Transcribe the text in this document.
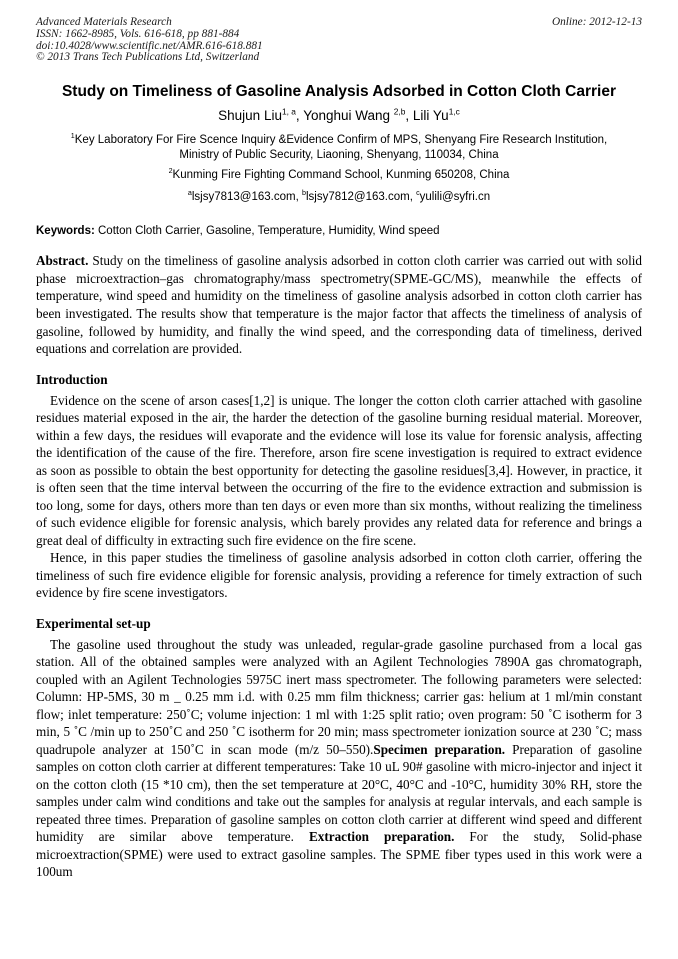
Advanced Materials Research	Online: 2012-12-13
ISSN: 1662-8985, Vols. 616-618, pp 881-884
doi:10.4028/www.scientific.net/AMR.616-618.881
© 2013 Trans Tech Publications Ltd, Switzerland
Study on Timeliness of Gasoline Analysis Adsorbed in Cotton Cloth Carrier
Shujun Liu$^{1, a}$, Yonghui Wang $^{2,b}$, Lili Yu$^{1,c}$
$^1$Key Laboratory For Fire Scence Inquiry &Evidence Confirm of MPS, Shenyang Fire Research Institution, Ministry of Public Security, Liaoning, Shenyang, 110034, China
$^2$Kunming Fire Fighting Command School, Kunming 650208, China
$^a$lsjsy7813@163.com, $^b$lsjsy7812@163.com, $^c$yulili@syfri.cn

Keywords: Cotton Cloth Carrier, Gasoline, Temperature, Humidity, Wind speed

Abstract. Study on the timeliness of gasoline analysis adsorbed in cotton cloth carrier was carried out with solid phase microextraction–gas chromatography/mass spectrometry(SPME-GC/MS), meanwhile the effects of temperature, wind speed and humidity on the timeliness of gasoline analysis adsorbed in cotton cloth carrier has been investigated. The results show that temperature is the major factor that affects the timeliness of analysis of gasoline, followed by humidity, and finally the wind speed, and the corresponding data of timeliness, derived equations and correlation are provided.

Introduction

Evidence on the scene of arson cases[1,2] is unique. The longer the cotton cloth carrier attached with gasoline residues material exposed in the air, the harder the detection of the gasoline burning residual material. Moreover, within a few days, the residues will evaporate and the evidence will lose its value for forensic analysis, affecting the identification of the cause of the fire. Therefore, arson fire scene investigation is required to extract evidence as soon as possible to obtain the best opportunity for detecting the gasoline residues[3,4]. However, in practice, it is often seen that the time interval between the occurring of the fire to the evidence extraction and submission is too long, some for days, others more than ten days or even more than six months, without realizing the timeliness of such evidence eligible for forensic analysis, which barely provides any related data for reference and brings a great deal of difficulty in extracting such fire evidence on the fire scene.

Hence, in this paper studies the timeliness of gasoline analysis adsorbed in cotton cloth carrier, offering the timeliness of such fire evidence eligible for forensic analysis, providing a reference for timely extraction of such evidence by fire scene investigators.

Experimental set-up

The gasoline used throughout the study was unleaded, regular-grade gasoline purchased from a local gas station. All of the obtained samples were analyzed with an Agilent Technologies 7890A gas chromatograph, coupled with an Agilent Technologies 5975C inert mass spectrometer. The following parameters were selected: Column: HP-5MS, 30 m _ 0.25 mm i.d. with 0.25 mm film thickness; carrier gas: helium at 1 ml/min constant flow; inlet temperature: 250˚C; volume injection: 1 ml with 1:25 split ratio; oven program: 50 ˚C isotherm for 3 min, 5 ˚C /min up to 250˚C and 250 ˚C isotherm for 20 min; mass spectrometer ionization source at 230 ˚C; mass quadrupole analyzer at 150˚C in scan mode (m/z 50–550).Specimen preparation. Preparation of gasoline samples on cotton cloth carrier at different temperatures: Take 10 uL 90# gasoline with micro-injector and inject it on the cotton cloth (15 *10 cm), then the set temperature at 20°C, 40°C and -10°C, humidity 30% RH, store the samples under calm wind conditions and take out the samples for analysis at regular intervals, and each sample is repeated three times. Preparation of gasoline samples on cotton cloth carrier at different wind speed and different humidity are similar above temperature. Extraction preparation. For the study, Solid-phase microextraction(SPME) were used to extract gasoline samples. The SPME fiber types used in this work were a 100um
